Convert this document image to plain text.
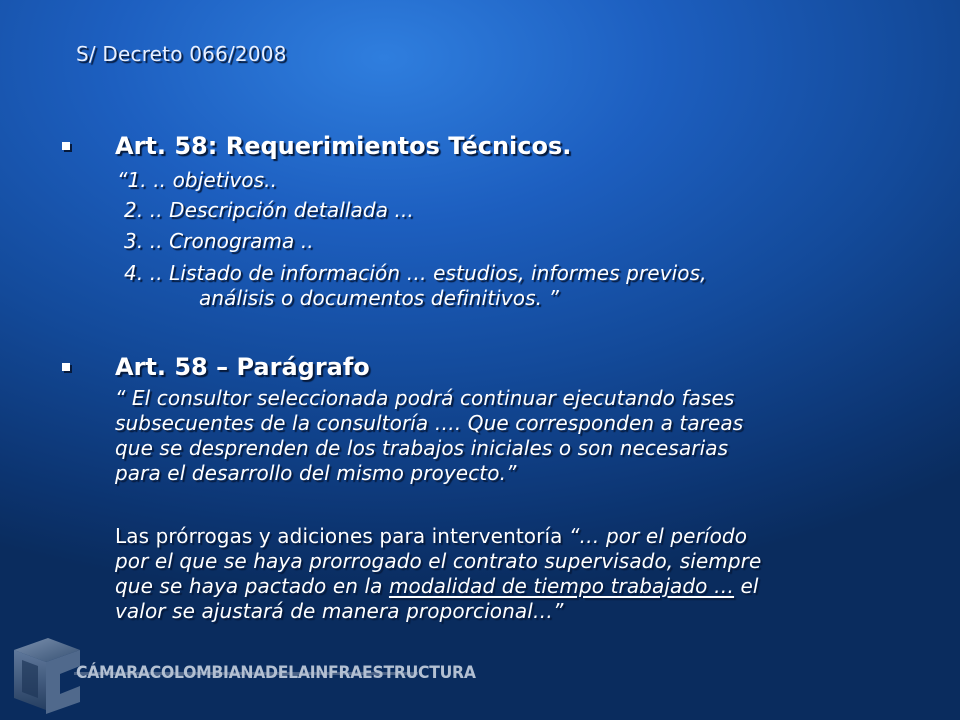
S/ Decreto 066/2008
Art. 58: Requerimientos Técnicos.
“1. .. objetivos..
2. .. Descripción detallada ...
3. .. Cronograma ..
4. .. Listado de información … estudios, informes previos,
análisis o documentos definitivos. ”
Art. 58 – Parágrafo
“ El consultor seleccionada podrá continuar ejecutando fases
subsecuentes de la consultoría …. Que corresponden a tareas
que se desprenden de los trabajos iniciales o son necesarias
para el desarrollo del mismo proyecto.”
Las prórrogas y adiciones para interventoría “… por el período
por el que se haya prorrogado el contrato supervisado, siempre
que se haya pactado en la modalidad de tiempo trabajado … el
valor se ajustará de manera proporcional…”
CÁMARACOLOMBIANADELAINFRAESTRUCTURA
